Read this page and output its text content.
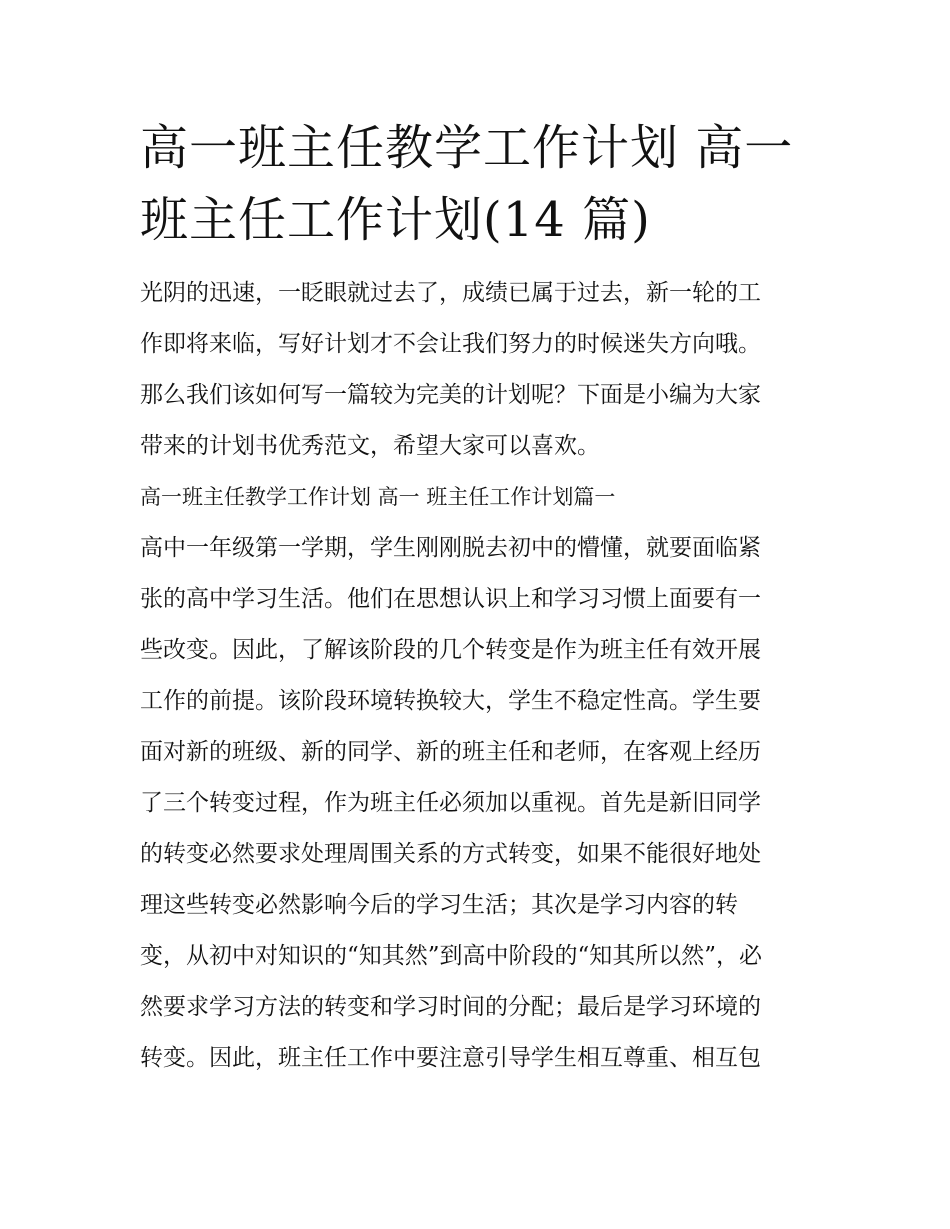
高一班主任教学工作计划 高一
班主任工作计划(14 篇)
光阴的迅速，一眨眼就过去了，成绩已属于过去，新一轮的工
作即将来临，写好计划才不会让我们努力的时候迷失方向哦。
那么我们该如何写一篇较为完美的计划呢？下面是小编为大家
带来的计划书优秀范文，希望大家可以喜欢。
高一班主任教学工作计划 高一 班主任工作计划篇一
高中一年级第一学期，学生刚刚脱去初中的懵懂，就要面临紧
张的高中学习生活。他们在思想认识上和学习习惯上面要有一
些改变。因此，了解该阶段的几个转变是作为班主任有效开展
工作的前提。该阶段环境转换较大，学生不稳定性高。学生要
面对新的班级、新的同学、新的班主任和老师，在客观上经历
了三个转变过程，作为班主任必须加以重视。首先是新旧同学
的转变必然要求处理周围关系的方式转变，如果不能很好地处
理这些转变必然影响今后的学习生活；其次是学习内容的转
变，从初中对知识的“知其然”到高中阶段的“知其所以然”，必
然要求学习方法的转变和学习时间的分配；最后是学习环境的
转变。因此，班主任工作中要注意引导学生相互尊重、相互包
